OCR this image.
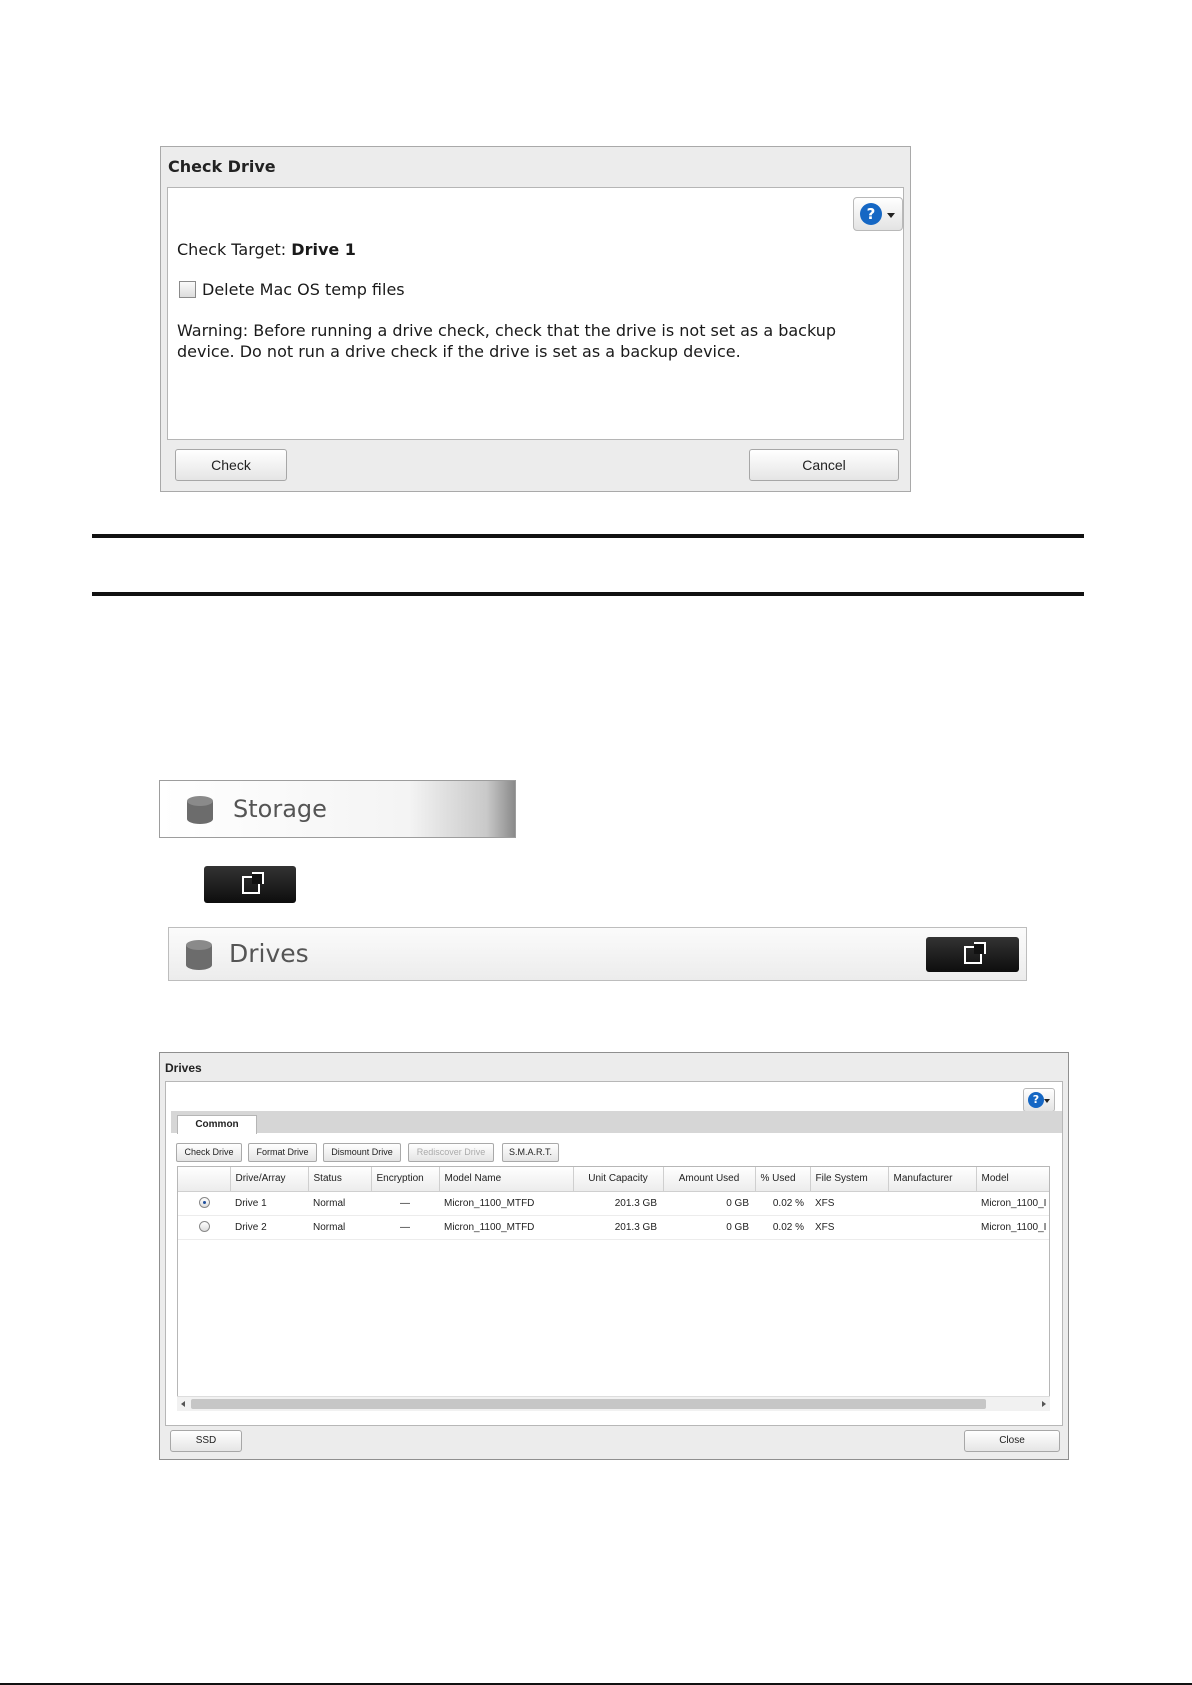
Check Drive
?
Check Target: Drive 1
Delete Mac OS temp files
Warning: Before running a drive check, check that the drive is not set as a backup
device. Do not run a drive check if the drive is set as a backup device.
Check	Cancel
Storage
Drives
Drives
?
Common
SSD	Close
Check Drive	Format Drive	Dismount Drive	Rediscover Drive	S.M.A.R.T.
	Drive/Array	Status	Encryption	Model Name	Unit Capacity	Amount Used	% Used	File System	Manufacturer	Model
	Drive 1	Normal	—	Micron_1100_MTFD	201.3 GB	0 GB	0.02 %	XFS		Micron_1100_I
	Drive 2	Normal	—	Micron_1100_MTFD	201.3 GB	0 GB	0.02 %	XFS		Micron_1100_I
